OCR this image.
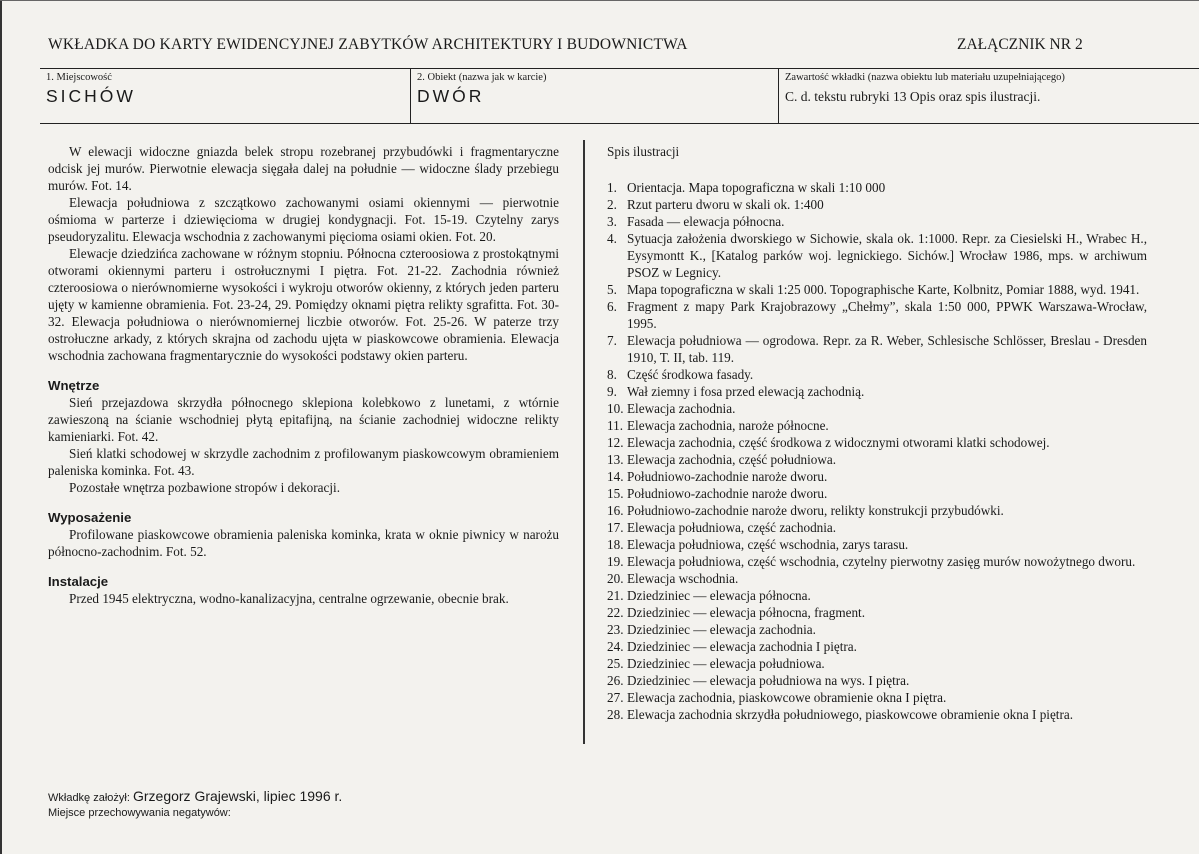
WKŁADKA DO KARTY EWIDENCYJNEJ ZABYTKÓW ARCHITEKTURY I BUDOWNICTWA	ZAŁĄCZNIK NR 2
1. Miejscowość
SICHÓW
2. Obiekt (nazwa jak w karcie)
DWÓR
Zawartość wkładki (nazwa obiektu lub materiału uzupełniającego)
C. d. tekstu rubryki 13 Opis oraz spis ilustracji.

W elewacji widoczne gniazda belek stropu rozebranej przybudówki i fragmentaryczne odcisk jej murów. Pierwotnie elewacja sięgała dalej na południe — widoczne ślady przebiegu murów. Fot. 14.

Elewacja południowa z szczątkowo zachowanymi osiami okiennymi — pierwotnie ośmioma w parterze i dziewięcioma w drugiej kondygnacji. Fot. 15-19. Czytelny zarys pseudoryzalitu. Elewacja wschodnia z zachowanymi pięcioma osiami okien. Fot. 20.

Elewacje dziedzińca zachowane w różnym stopniu. Północna czteroosiowa z prostokątnymi otworami okiennymi parteru i ostrołucznymi I piętra. Fot. 21-22. Zachodnia również czteroosiowa o nierównomierne wysokości i wykroju otworów okienny, z których jeden parteru ujęty w kamienne obramienia. Fot. 23-24, 29. Pomiędzy oknami piętra relikty sgrafitta. Fot. 30-32. Elewacja południowa o nierównomiernej liczbie otworów. Fot. 25-26. W paterze trzy ostrołuczne arkady, z których skrajna od zachodu ujęta w piaskowcowe obramienia. Elewacja wschodnia zachowana fragmentarycznie do wysokości podstawy okien parteru.

Wnętrze

Sień przejazdowa skrzydła północnego sklepiona kolebkowo z lunetami, z wtórnie zawieszoną na ścianie wschodniej płytą epitafijną, na ścianie zachodniej widoczne relikty kamieniarki. Fot. 42.

Sień klatki schodowej w skrzydle zachodnim z profilowanym piaskowcowym obramieniem paleniska kominka. Fot. 43.

Pozostałe wnętrza pozbawione stropów i dekoracji.

Wyposażenie

Profilowane piaskowcowe obramienia paleniska kominka, krata w oknie piwnicy w narożu północno-zachodnim. Fot. 52.

Instalacje

Przed 1945 elektryczna, wodno-kanalizacyjna, centralne ogrzewanie, obecnie brak.

Spis ilustracji
1. Orientacja. Mapa topograficzna w skali 1:10 000
2. Rzut parteru dworu w skali ok. 1:400
3. Fasada — elewacja północna.
4. Sytuacja założenia dworskiego w Sichowie, skala ok. 1:1000. Repr. za Ciesielski H., Wrabec H., Eysymontt K., [Katalog parków woj. legnickiego. Sichów.] Wrocław 1986, mps. w archiwum PSOZ w Legnicy.
5. Mapa topograficzna w skali 1:25 000. Topographische Karte, Kolbnitz, Pomiar 1888, wyd. 1941.
6. Fragment z mapy Park Krajobrazowy „Chełmy”, skala 1:50 000, PPWK Warszawa-Wrocław, 1995.
7. Elewacja południowa — ogrodowa. Repr. za R. Weber, Schlesische Schlösser, Breslau - Dresden 1910, T. II, tab. 119.
8. Część środkowa fasady.
9. Wał ziemny i fosa przed elewacją zachodnią.
10. Elewacja zachodnia.
11. Elewacja zachodnia, naroże północne.
12. Elewacja zachodnia, część środkowa z widocznymi otworami klatki schodowej.
13. Elewacja zachodnia, część południowa.
14. Południowo-zachodnie naroże dworu.
15. Południowo-zachodnie naroże dworu.
16. Południowo-zachodnie naroże dworu, relikty konstrukcji przybudówki.
17. Elewacja południowa, część zachodnia.
18. Elewacja południowa, część wschodnia, zarys tarasu.
19. Elewacja południowa, część wschodnia, czytelny pierwotny zasięg murów nowożytnego dworu.
20. Elewacja wschodnia.
21. Dziedziniec — elewacja północna.
22. Dziedziniec — elewacja północna, fragment.
23. Dziedziniec — elewacja zachodnia.
24. Dziedziniec — elewacja zachodnia I piętra.
25. Dziedziniec — elewacja południowa.
26. Dziedziniec — elewacja południowa na wys. I piętra.
27. Elewacja zachodnia, piaskowcowe obramienie okna I piętra.
28. Elewacja zachodnia skrzydła południowego, piaskowcowe obramienie okna I piętra.
Wkładkę założył: Grzegorz Grajewski, lipiec 1996 r.
Miejsce przechowywania negatywów:
